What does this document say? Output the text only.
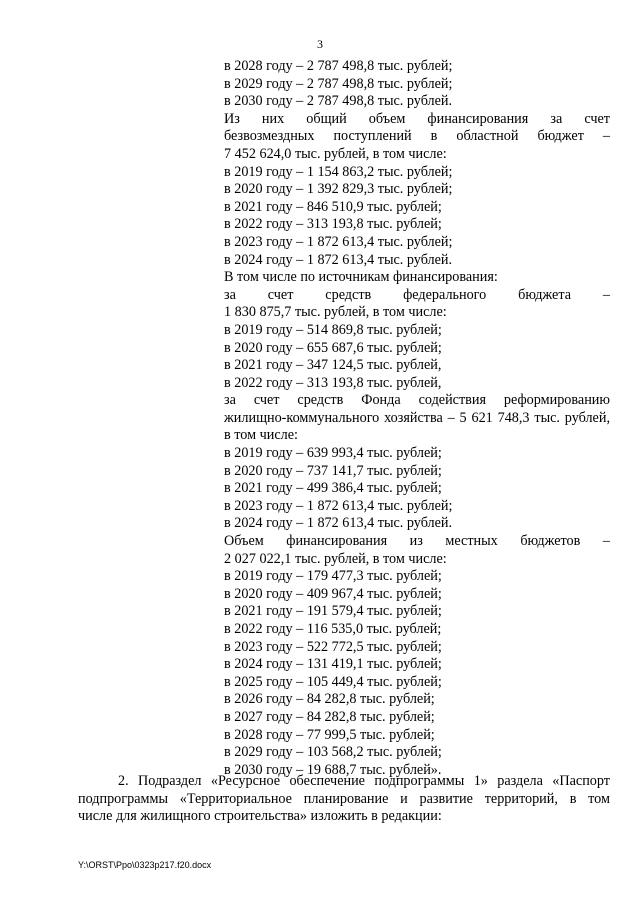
3
в 2028 году – 2 787 498,8 тыс. рублей;
в 2029 году – 2 787 498,8 тыс. рублей;
в 2030 году – 2 787 498,8 тыс. рублей.
Из них общий объем финансирования за счет
безвозмездных поступлений в областной бюджет –
7 452 624,0 тыс. рублей, в том числе:
в 2019 году – 1 154 863,2 тыс. рублей;
в 2020 году – 1 392 829,3 тыс. рублей;
в 2021 году – 846 510,9 тыс. рублей;
в 2022 году – 313 193,8 тыс. рублей;
в 2023 году – 1 872 613,4 тыс. рублей;
в 2024 году – 1 872 613,4 тыс. рублей.
В том числе по источникам финансирования:
за счет средств федерального бюджета –
1 830 875,7 тыс. рублей, в том числе:
в 2019 году – 514 869,8 тыс. рублей;
в 2020 году – 655 687,6 тыс. рублей;
в 2021 году – 347 124,5 тыс. рублей,
в 2022 году – 313 193,8 тыс. рублей,
за счет средств Фонда содействия реформированию
жилищно-коммунального хозяйства – 5 621 748,3 тыс. рублей,
в том числе:
в 2019 году – 639 993,4 тыс. рублей;
в 2020 году – 737 141,7 тыс. рублей;
в 2021 году – 499 386,4 тыс. рублей;
в 2023 году – 1 872 613,4 тыс. рублей;
в 2024 году – 1 872 613,4 тыс. рублей.
Объем финансирования из местных бюджетов –
2 027 022,1 тыс. рублей, в том числе:
в 2019 году – 179 477,3 тыс. рублей;
в 2020 году – 409 967,4 тыс. рублей;
в 2021 году – 191 579,4 тыс. рублей;
в 2022 году – 116 535,0 тыс. рублей;
в 2023 году – 522 772,5 тыс. рублей;
в 2024 году – 131 419,1 тыс. рублей;
в 2025 году – 105 449,4 тыс. рублей;
в 2026 году – 84 282,8 тыс. рублей;
в 2027 году – 84 282,8 тыс. рублей;
в 2028 году – 77 999,5 тыс. рублей;
в 2029 году – 103 568,2 тыс. рублей;
в 2030 году – 19 688,7 тыс. рублей».
2. Подраздел «Ресурсное обеспечение подпрограммы 1» раздела «Паспорт
подпрограммы «Территориальное планирование и развитие территорий, в том
числе для жилищного строительства» изложить в редакции:
Y:\ORST\Ppo\0323p217.f20.docx
